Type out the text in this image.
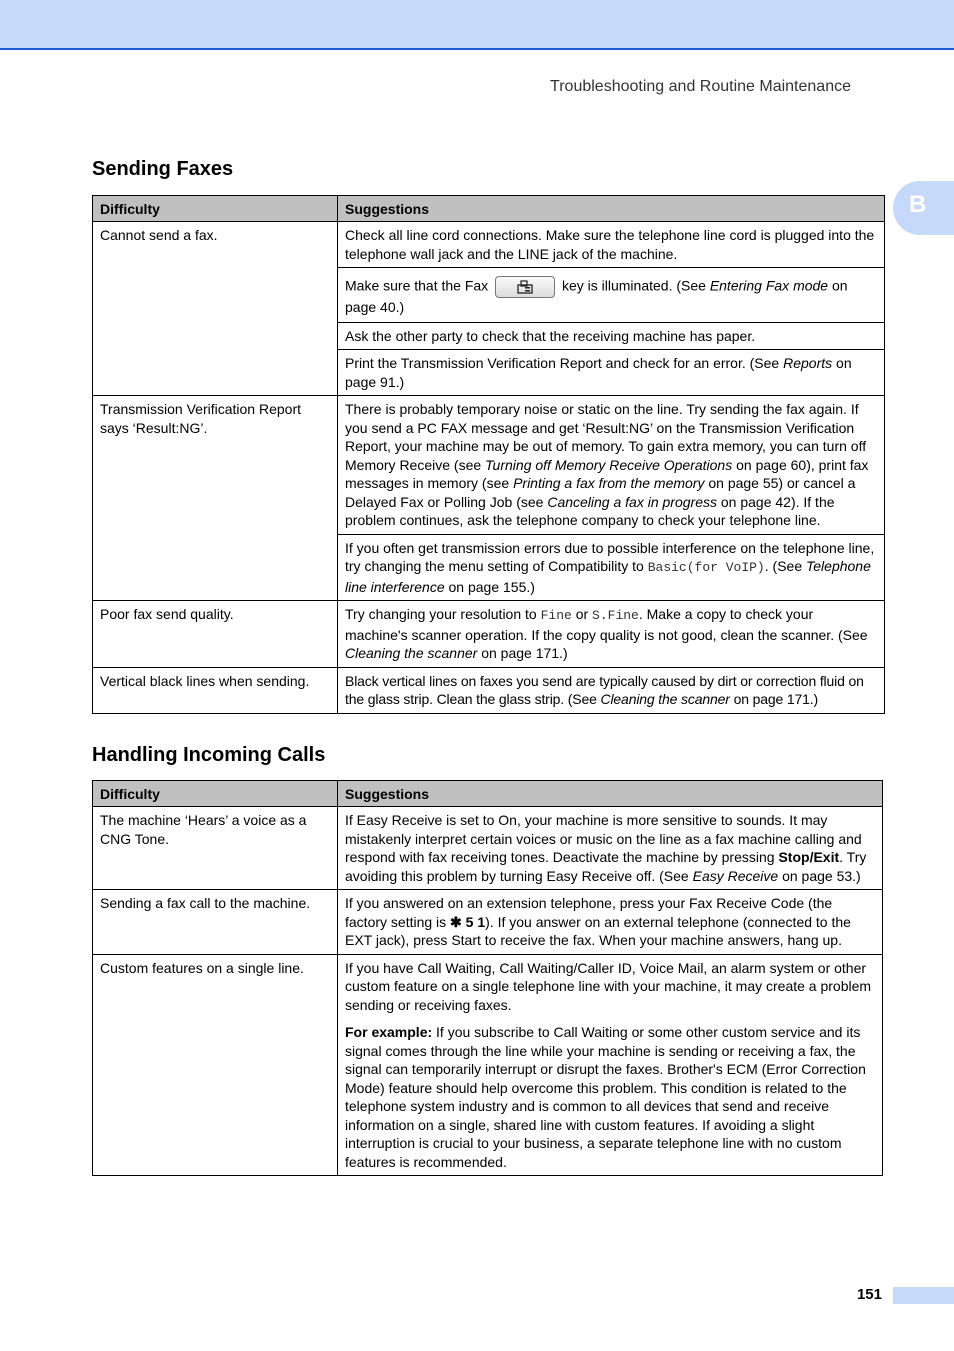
Troubleshooting and Routine Maintenance
B
Sending Faxes
Difficulty	Suggestions
Cannot send a fax.	Check all line cord connections. Make sure the telephone line cord is plugged into the telephone wall jack and the LINE jack of the machine.
	Make sure that the Fax key is illuminated. (See Entering Fax mode on page 40.)
	Ask the other party to check that the receiving machine has paper.
	Print the Transmission Verification Report and check for an error. (See Reports on page 91.)
Transmission Verification Report says ‘Result:NG’.	There is probably temporary noise or static on the line. Try sending the fax again. If you send a PC FAX message and get ‘Result:NG’ on the Transmission Verification Report, your machine may be out of memory. To gain extra memory, you can turn off Memory Receive (see Turning off Memory Receive Operations on page 60), print fax messages in memory (see Printing a fax from the memory on page 55) or cancel a Delayed Fax or Polling Job (see Canceling a fax in progress on page 42). If the problem continues, ask the telephone company to check your telephone line.
	If you often get transmission errors due to possible interference on the telephone line, try changing the menu setting of Compatibility to Basic(for VoIP). (See Telephone line interference on page 155.)
Poor fax send quality.	Try changing your resolution to Fine or S.Fine. Make a copy to check your machine's scanner operation. If the copy quality is not good, clean the scanner. (See Cleaning the scanner on page 171.)
Vertical black lines when sending.	Black vertical lines on faxes you send are typically caused by dirt or correction fluid on the glass strip. Clean the glass strip. (See Cleaning the scanner on page 171.)
Handling Incoming Calls
Difficulty	Suggestions
The machine ‘Hears’ a voice as a CNG Tone.	If Easy Receive is set to On, your machine is more sensitive to sounds. It may mistakenly interpret certain voices or music on the line as a fax machine calling and respond with fax receiving tones. Deactivate the machine by pressing Stop/Exit. Try avoiding this problem by turning Easy Receive off. (See Easy Receive on page 53.)
Sending a fax call to the machine.	If you answered on an extension telephone, press your Fax Receive Code (the factory setting is ✱ 5 1). If you answer on an external telephone (connected to the EXT jack), press Start to receive the fax. When your machine answers, hang up.
Custom features on a single line.	If you have Call Waiting, Call Waiting/Caller ID, Voice Mail, an alarm system or other custom feature on a single telephone line with your machine, it may create a problem sending or receiving faxes.

For example: If you subscribe to Call Waiting or some other custom service and its signal comes through the line while your machine is sending or receiving a fax, the signal can temporarily interrupt or disrupt the faxes. Brother's ECM (Error Correction Mode) feature should help overcome this problem. This condition is related to the telephone system industry and is common to all devices that send and receive information on a single, shared line with custom features. If avoiding a slight interruption is crucial to your business, a separate telephone line with no custom features is recommended.

151
